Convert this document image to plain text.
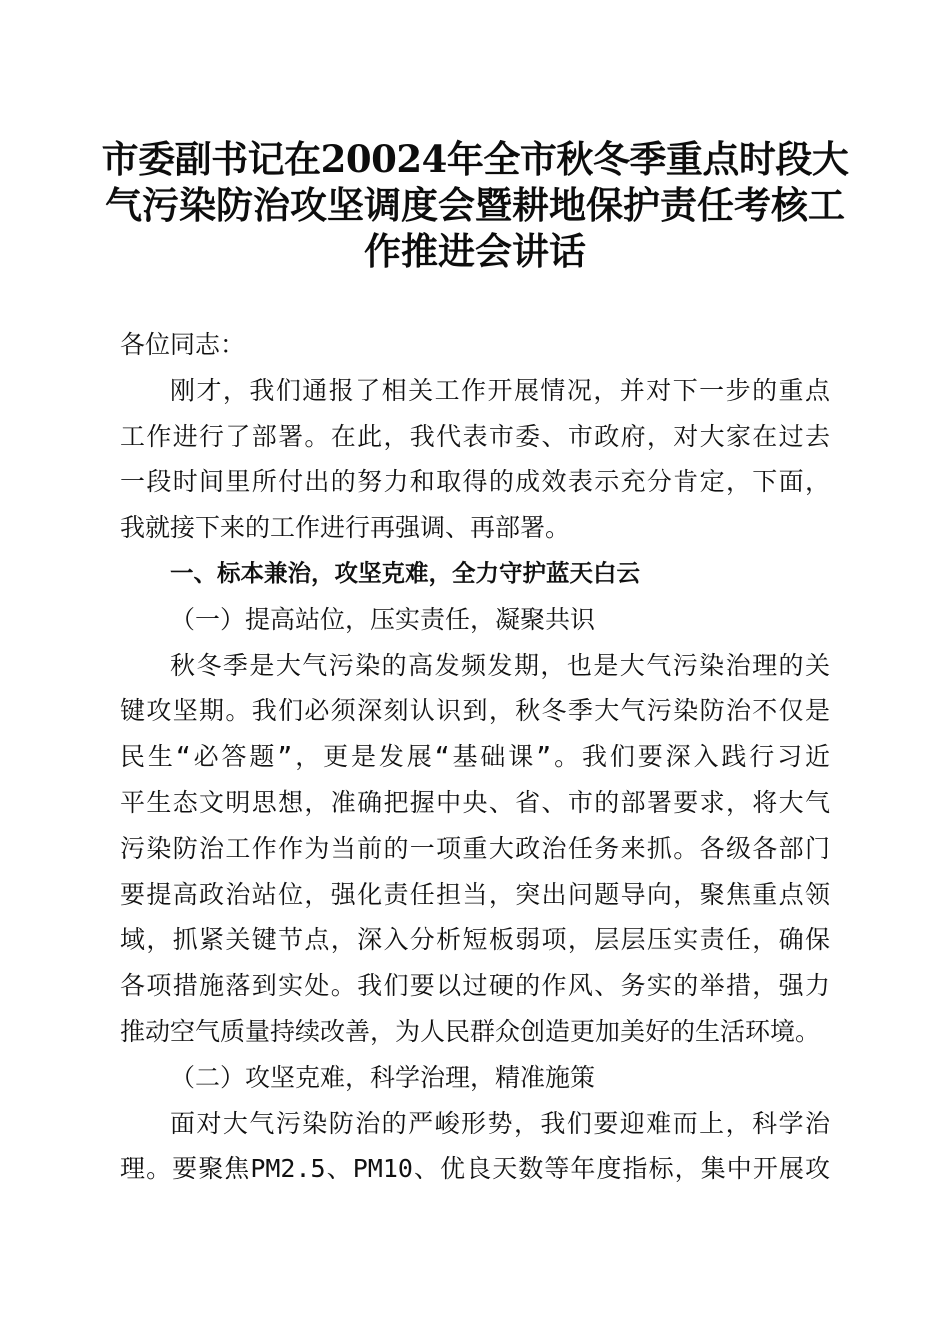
市委副书记在20024年全市秋冬季重点时段大
气污染防治攻坚调度会暨耕地保护责任考核工
作推进会讲话
各位同志：
刚才，我们通报了相关工作开展情况，并对下一步的重点
工作进行了部署。在此，我代表市委、市政府，对大家在过去
一段时间里所付出的努力和取得的成效表示充分肯定，下面，
我就接下来的工作进行再强调、再部署。
一、标本兼治，攻坚克难，全力守护蓝天白云
（一）提高站位，压实责任，凝聚共识
秋冬季是大气污染的高发频发期，也是大气污染治理的关
键攻坚期。我们必须深刻认识到，秋冬季大气污染防治不仅是
民生“必答题”，更是发展“基础课”。我们要深入践行习近
平生态文明思想，准确把握中央、省、市的部署要求，将大气
污染防治工作作为当前的一项重大政治任务来抓。各级各部门
要提高政治站位，强化责任担当，突出问题导向，聚焦重点领
域，抓紧关键节点，深入分析短板弱项，层层压实责任，确保
各项措施落到实处。我们要以过硬的作风、务实的举措，强力
推动空气质量持续改善，为人民群众创造更加美好的生活环境。
（二）攻坚克难，科学治理，精准施策
面对大气污染防治的严峻形势，我们要迎难而上，科学治
理。要聚焦PM2.5、PM10、优良天数等年度指标，集中开展攻
